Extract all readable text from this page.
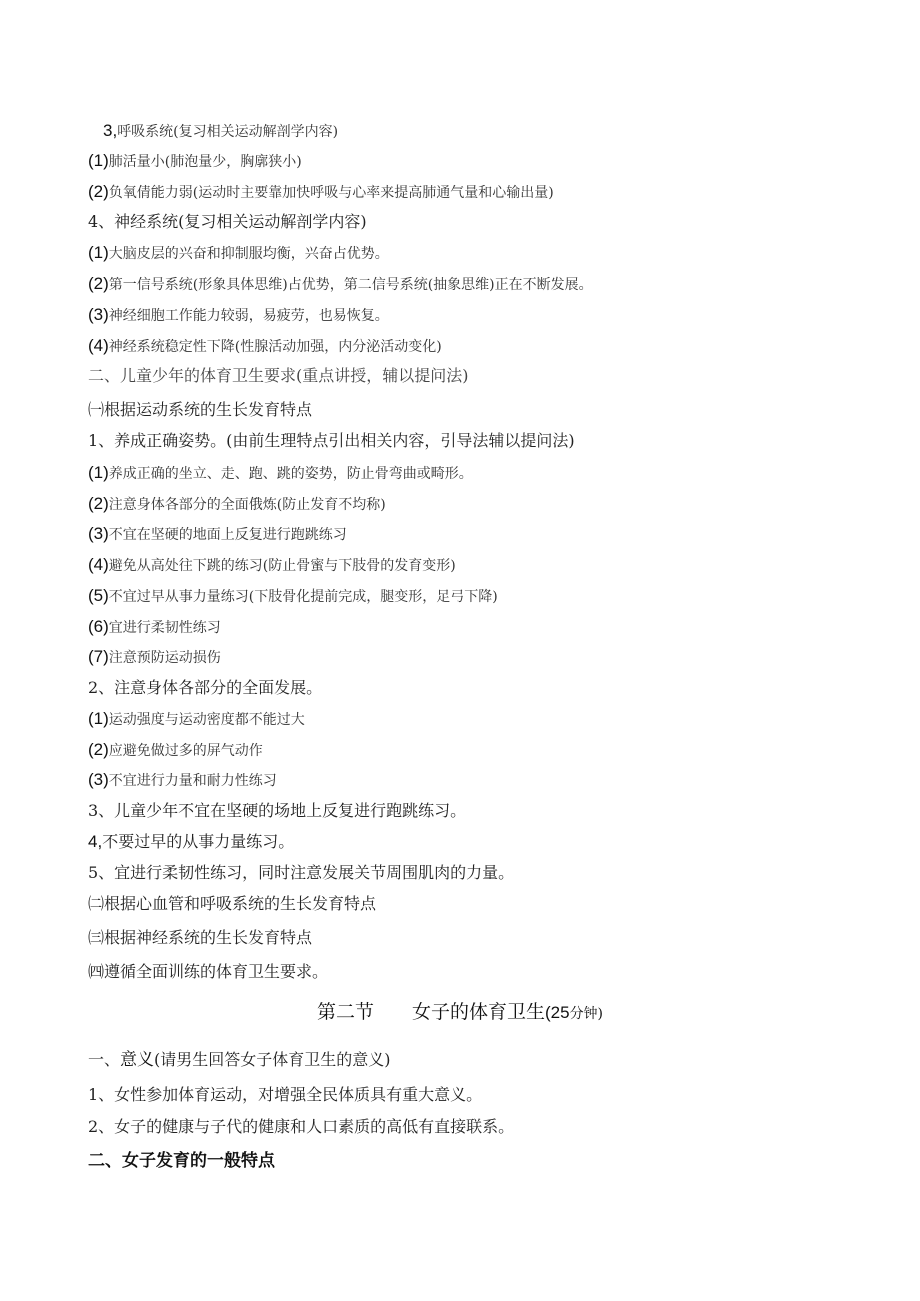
3,呼吸系统(复习相关运动解剖学内容)
(1)肺活量小(肺泡量少，胸廓狭小)
(2)负氧倩能力弱(运动时主要靠加快呼吸与心率来提高肺通气量和心输出量)
4、神经系统(复习相关运动解剖学内容)
(1)大脑皮层的兴奋和抑制服均衡，兴奋占优势。
(2)第一信号系统(形象具体思维)占优势，第二信号系统(抽象思维)正在不断发展。
(3)神经细胞工作能力较弱，易疲劳，也易恢复。
(4)神经系统稳定性下降(性腺活动加强，内分泌活动变化)
二、儿童少年的体育卫生要求(重点讲授，辅以提问法)
㈠根据运动系统的生长发育特点
1、养成正确姿势。(由前生理特点引出相关内容，引导法辅以提问法)
(1)养成正确的坐立、走、跑、跳的姿势，防止骨弯曲或畸形。
(2)注意身体各部分的全面俄炼(防止发育不均称)
(3)不宜在坚硬的地面上反复进行跑跳练习
(4)避免从高处往下跳的练习(防止骨蜜与下肢骨的发育变形)
(5)不宜过早从事力量练习(下肢骨化提前完成，腿变形，足弓下降)
(6)宜进行柔韧性练习
(7)注意预防运动损伤
2、注意身体各部分的全面发展。
(1)运动强度与运动密度都不能过大
(2)应避免做过多的屏气动作
(3)不宜进行力量和耐力性练习
3、儿童少年不宜在坚硬的场地上反复进行跑跳练习。
4,不要过早的从事力量练习。
5、宜进行柔韧性练习，同时注意发展关节周围肌肉的力量。
㈡根据心血管和呼吸系统的生长发育特点
㈢根据神经系统的生长发育特点
㈣遵循全面训练的体育卫生要求。
第二节 女子的体育卫生(25分钟)
一、意义(请男生回答女子体育卫生的意义)
1、女性参加体育运动，对增强全民体质具有重大意义。
2、女子的健康与子代的健康和人口素质的高低有直接联系。
二、女子发育的一般特点
